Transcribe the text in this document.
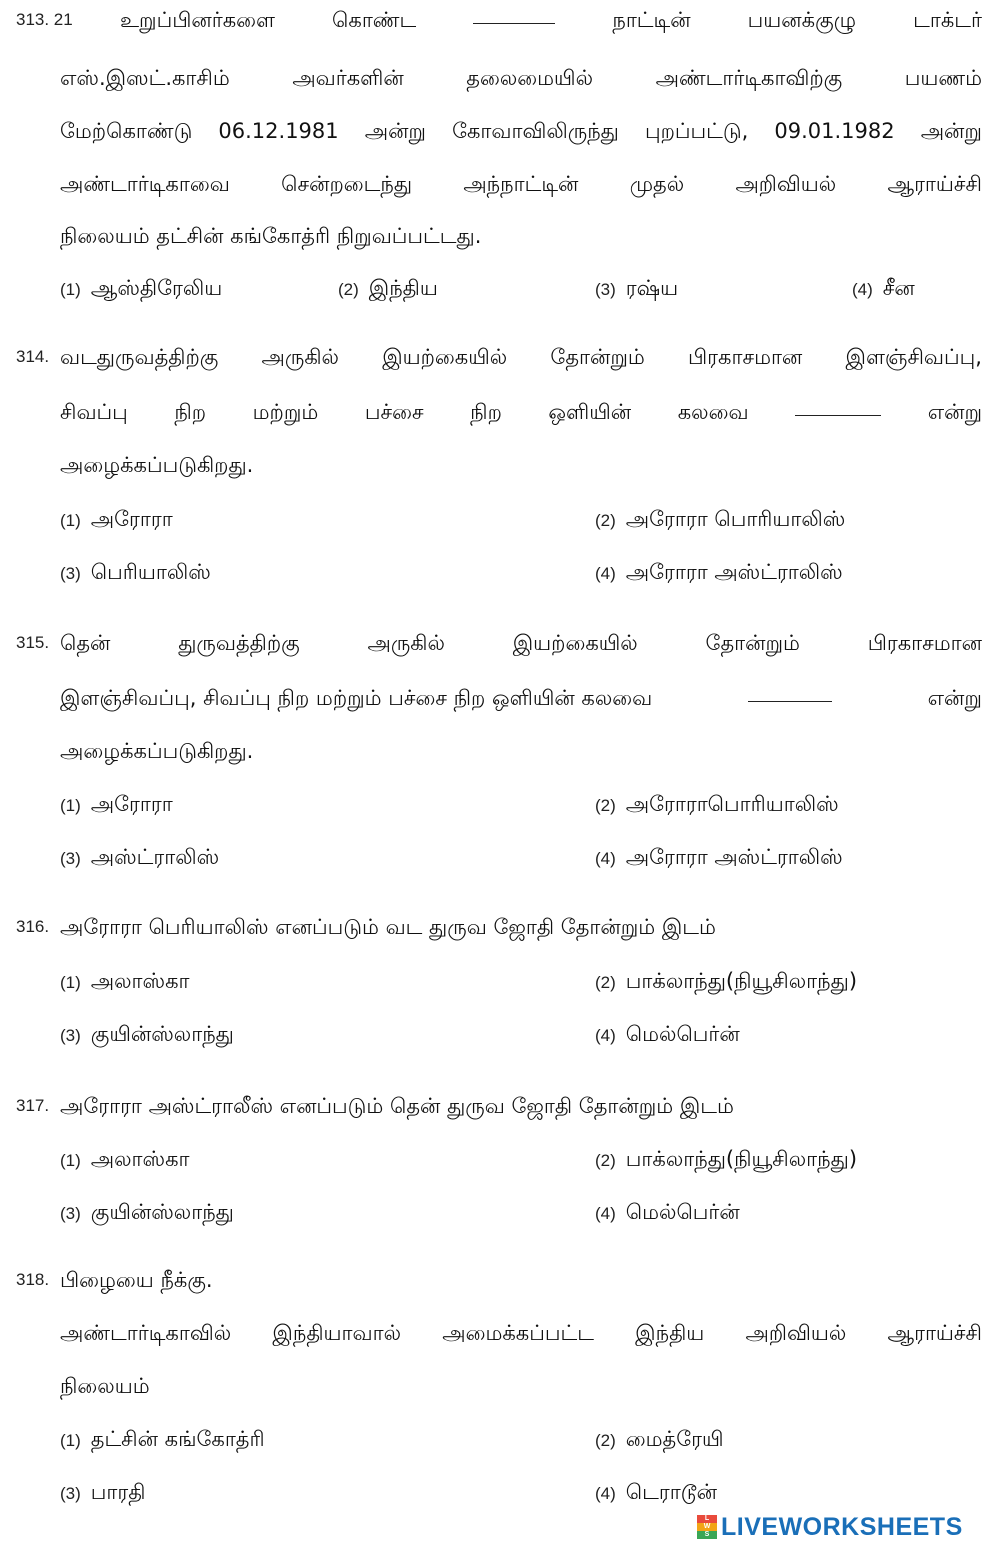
313. 21 உறுப்பினர்களை	கொண்ட	நாட்டின்	பயனக்குழு	டாக்டர்
எஸ்.இஸட்.காசிம்	அவர்களின்	தலைமையில்	அண்டார்டிகாவிற்கு	பயணம்
மேற்கொண்டு 06.12.1981 அன்று கோவாவிலிருந்து புறப்பட்டு, 09.01.1982 அன்று
அண்டார்டிகாவை சென்றடைந்து அந்நாட்டின் முதல் அறிவியல் ஆராய்ச்சி
நிலையம் தட்சின் கங்கோத்ரி நிறுவப்பட்டது.
(1) ஆஸ்திரேலிய	(2) இந்திய	(3) ரஷ்ய	(4) சீன
314. வடதுருவத்திற்கு அருகில் இயற்கையில் தோன்றும் பிரகாசமான இளஞ்சிவப்பு,
சிவப்பு நிற மற்றும் பச்சை நிற ஒளியின் கலவை	என்று
அழைக்கப்படுகிறது.
(1) அரோரா	(2) அரோரா பொரியாலிஸ்
(3) பெரியாலிஸ்	(4) அரோரா அஸ்ட்ராலிஸ்
315. தென்	துருவத்திற்கு	அருகில்	இயற்கையில்	தோன்றும்	பிரகாசமான
இளஞ்சிவப்பு, சிவப்பு நிற மற்றும் பச்சை நிற ஒளியின் கலவை	என்று
அழைக்கப்படுகிறது.
(1) அரோரா	(2) அரோராபொரியாலிஸ்
(3) அஸ்ட்ராலிஸ்	(4) அரோரா அஸ்ட்ராலிஸ்
316. அரோரா பெரியாலிஸ் எனப்படும் வட துருவ ஜோதி தோன்றும் இடம்
(1) அலாஸ்கா	(2) பாக்லாந்து(நியூசிலாந்து)
(3) குயின்ஸ்லாந்து	(4) மெல்பெர்ன்
317. அரோரா அஸ்ட்ராலீஸ் எனப்படும் தென் துருவ ஜோதி தோன்றும் இடம்
(1) அலாஸ்கா	(2) பாக்லாந்து(நியூசிலாந்து)
(3) குயின்ஸ்லாந்து	(4) மெல்பெர்ன்
318. பிழையை நீக்கு.
அண்டார்டிகாவில் இந்தியாவால் அமைக்கப்பட்ட இந்திய அறிவியல் ஆராய்ச்சி
நிலையம்
(1) தட்சின் கங்கோத்ரி	(2) மைத்ரேயி
(3) பாரதி	(4) டெராடூன்
L
W
S LIVEWORKSHEETS
